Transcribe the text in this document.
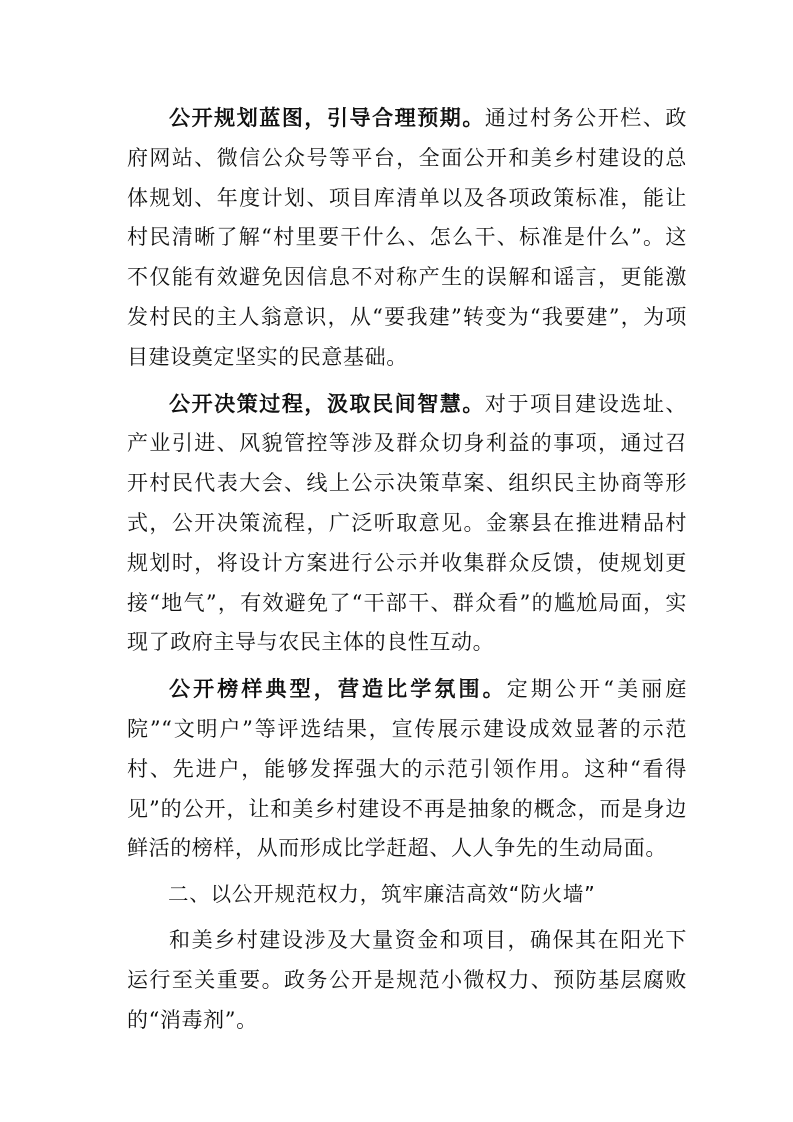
公开规划蓝图，引导合理预期。通过村务公开栏、政府网站、微信公众号等平台，全面公开和美乡村建设的总体规划、年度计划、项目库清单以及各项政策标准，能让村民清晰了解“村里要干什么、怎么干、标准是什么”。这不仅能有效避免因信息不对称产生的误解和谣言，更能激发村民的主人翁意识，从“要我建”转变为“我要建”，为项目建设奠定坚实的民意基础。

公开决策过程，汲取民间智慧。对于项目建设选址、产业引进、风貌管控等涉及群众切身利益的事项，通过召开村民代表大会、线上公示决策草案、组织民主协商等形式，公开决策流程，广泛听取意见。金寨县在推进精品村规划时，将设计方案进行公示并收集群众反馈，使规划更接“地气”，有效避免了“干部干、群众看”的尴尬局面，实现了政府主导与农民主体的良性互动。

公开榜样典型，营造比学氛围。定期公开“美丽庭院”“文明户”等评选结果，宣传展示建设成效显著的示范村、先进户，能够发挥强大的示范引领作用。这种“看得见”的公开，让和美乡村建设不再是抽象的概念，而是身边鲜活的榜样，从而形成比学赶超、人人争先的生动局面。

二、以公开规范权力，筑牢廉洁高效“防火墙”

和美乡村建设涉及大量资金和项目，确保其在阳光下运行至关重要。政务公开是规范小微权力、预防基层腐败的“消毒剂”。
